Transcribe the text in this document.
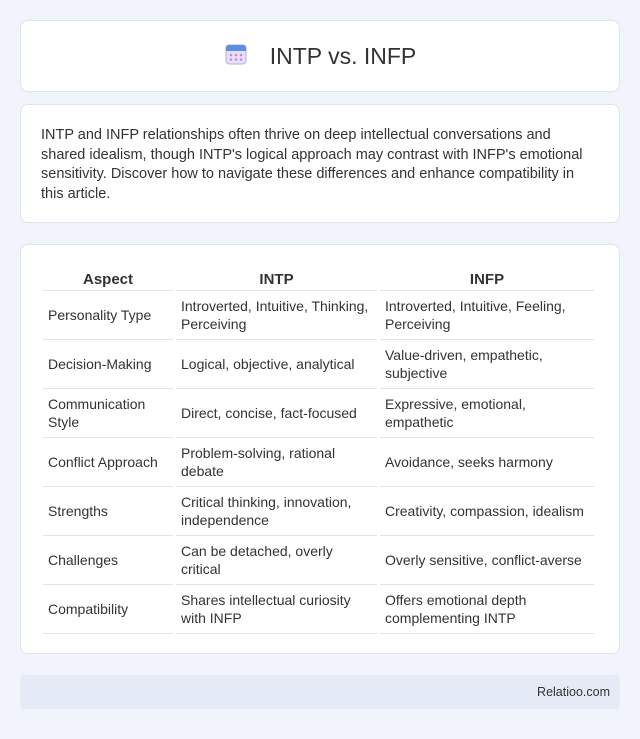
INTP vs. INFP

INTP and INFP relationships often thrive on deep intellectual conversations and shared idealism, though INTP's logical approach may contrast with INFP's emotional sensitivity. Discover how to navigate these differences and enhance compatibility in this article.

Aspect	INTP	INFP
Personality Type	Introverted, Intuitive, Thinking, Perceiving	Introverted, Intuitive, Feeling, Perceiving
Decision-Making	Logical, objective, analytical	Value-driven, empathetic, subjective
Communication Style	Direct, concise, fact-focused	Expressive, emotional, empathetic
Conflict Approach	Problem-solving, rational debate	Avoidance, seeks harmony
Strengths	Critical thinking, innovation, independence	Creativity, compassion, idealism
Challenges	Can be detached, overly critical	Overly sensitive, conflict-averse
Compatibility	Shares intellectual curiosity with INFP	Offers emotional depth complementing INTP
Relatioo.com
